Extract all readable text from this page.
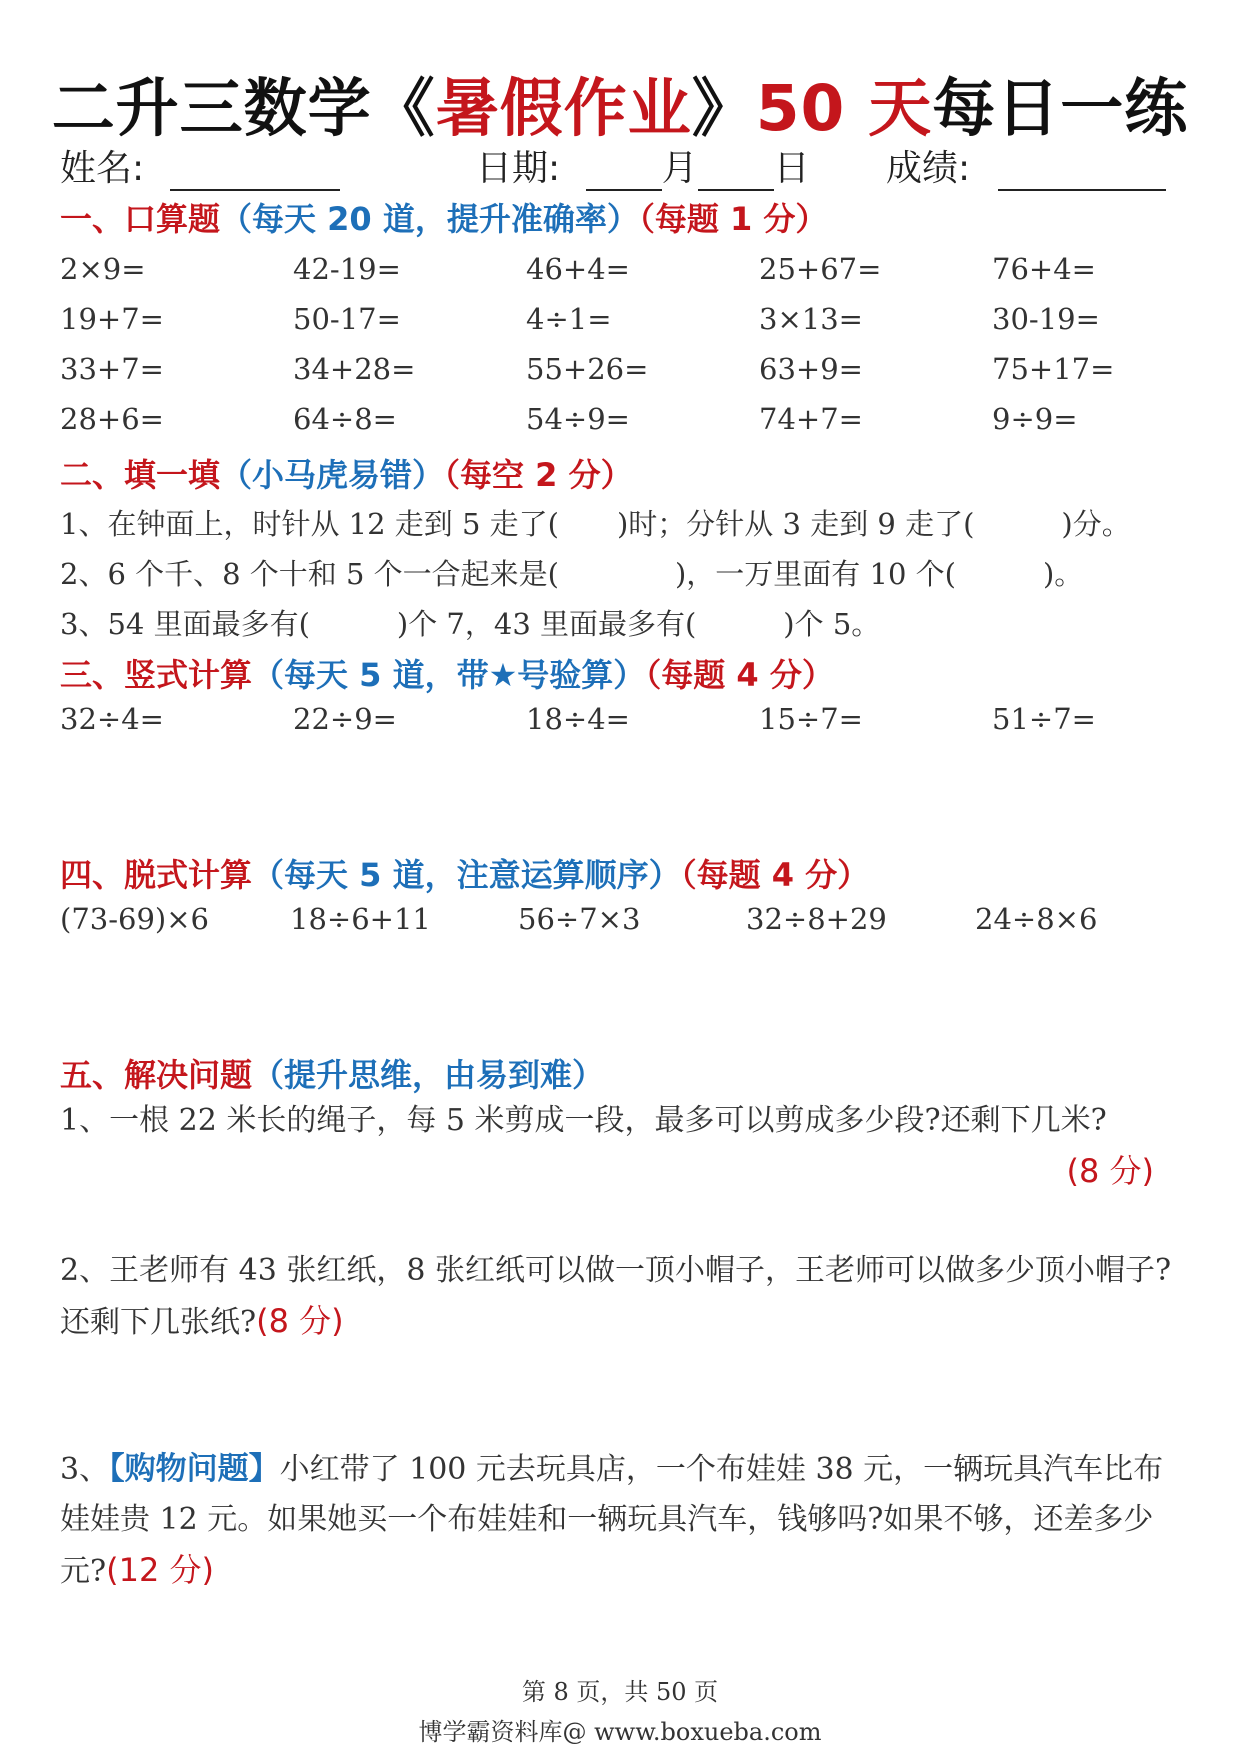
二升三数学《暑假作业》50 天每日一练
姓名:	日期:	月 日 成绩:
一、口算题（每天 20 道，提升准确率）（每题 1 分）
2×9=	42-19=	46+4=	25+67=	76+4=
19+7=	50-17=	4÷1=	3×13=	30-19=
33+7=	34+28=	55+26=	63+9=	75+17=
28+6=	64÷8=	54÷9=	74+7=	9÷9=
二、填一填（小马虎易错）（每空 2 分）
1、在钟面上，时针从 12 走到 5 走了(　　)时；分针从 3 走到 9 走了(　　　)分。
2、6 个千、8 个十和 5 个一合起来是(　　　　)，一万里面有 10 个(　　　)。
3、54 里面最多有(　　　)个 7，43 里面最多有(　　　)个 5。
三、竖式计算（每天 5 道，带★号验算）（每题 4 分）
32÷4=	22÷9=	18÷4=	15÷7=	51÷7=
四、脱式计算（每天 5 道，注意运算顺序）（每题 4 分）
(73-69)×6	18÷6+11	56÷7×3	32÷8+29	24÷8×6
五、解决问题（提升思维，由易到难）
1、一根 22 米长的绳子，每 5 米剪成一段，最多可以剪成多少段?还剩下几米?
(8 分)
2、王老师有 43 张红纸，8 张红纸可以做一顶小帽子，王老师可以做多少顶小帽子?还剩下几张纸?(8 分)
3、【购物问题】小红带了 100 元去玩具店，一个布娃娃 38 元，一辆玩具汽车比布娃娃贵 12 元。如果她买一个布娃娃和一辆玩具汽车，钱够吗?如果不够，还差多少元?(12 分)
第 8 页，共 50 页
博学霸资料库@ www.boxueba.com
